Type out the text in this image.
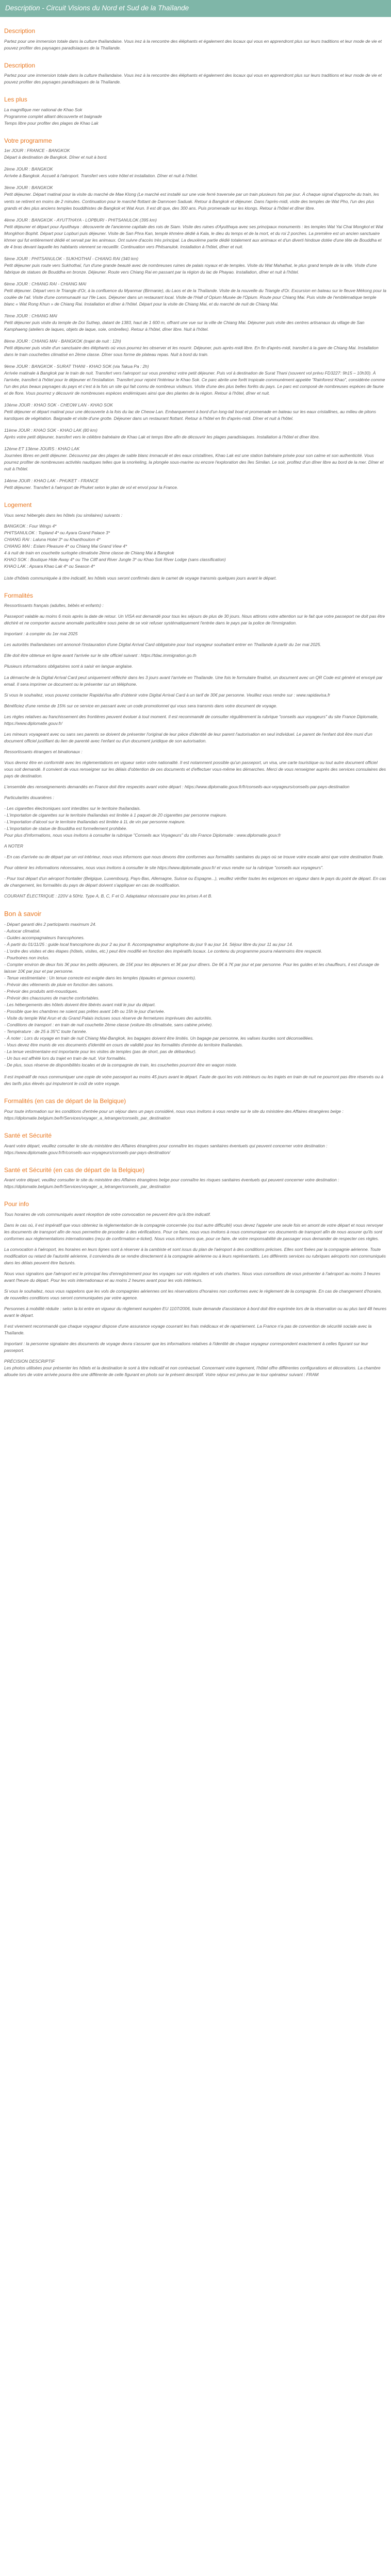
Description - Circuit Visions du Nord et Sud de la Thaïlande
Description

Partez pour une immersion totale dans la culture thaïlandaise. Vous irez à la rencontre des éléphants et également des locaux qui vous en apprendront plus sur leurs traditions et leur mode de vie et pouvez profiter des paysages paradisiaques de la Thaïlande.

Description

Partez pour une immersion totale dans la culture thaïlandaise. Vous irez à la rencontre des éléphants et également des locaux qui vous en apprendront plus sur leurs traditions et leur mode de vie et pouvez profiter des paysages paradisiaques de la Thaïlande.

Les plus
La magnifique mer national de Khao Sok
Programme complet alliant découverte et baignade
Temps libre pour profiter des plages de Khao Lak
Votre programme
1er JOUR : FRANCE - BANGKOK
Départ à destination de Bangkok. Dîner et nuit à bord.
2ème JOUR : BANGKOK
Arrivée à Bangkok. Accueil à l'aéroport. Transfert vers votre hôtel et installation. Dîner et nuit à l'hôtel.
3ème JOUR : BANGKOK
Petit déjeuner. Départ matinal pour la visite du marché de Mae Klong (Le marché est installé sur une voie ferré traversée par un train plusieurs fois par jour. À chaque signal d'approche du train, les vents se retirent en moins de 2 minutes. Continuation pour le marché flottant de Damnoen Saduak. Retour à Bangkok et déjeuner. Dans l'après-midi, visite des temples de Wat Pho, l'un des plus grands et des plus anciens temples bouddhistes de Bangkok et Wat Arun. Il est dit que, des 300 ans. Puis promenade sur les klongs. Retour à l'hôtel et dîner libre.
4ème JOUR : BANGKOK - AYUTTHAYA - LOPBURI - PHITSANULOK (395 km)
Petit déjeuner et départ pour Ayutthaya : découverte de l'ancienne capitale des rois de Siam. Visite des ruines d'Ayutthaya avec ses principaux monuments : les temples Wat Yai Chai Mongkol et Wat Mongkhon Bophit. Départ pour Lopburi puis déjeuner. Visite de San Phra Kan, temple khmère dédié à Kala, le dieu du temps et de la mort, et du roi 2 porches. La première est un ancien sanctuaire khmer qui fut entièrement dédié et servait par les animaux. Ont suivre d'accès très principal. La deuxième partie dédié totalement aux animaux et d'un diverti hindoue dotée d'une tête de Bouddha et de 4 bras devant laquelle les habitants viennent se recueillir. Continuation vers Phitsanulok. Installation à l'hôtel, dîner et nuit.
5ème JOUR : PHITSANULOK - SUKHOTHAÏ - CHIANG RAI (340 km)
Petit déjeuner puis route vers Sukhothaï, l'un d'une grande beauté avec de nombreuses ruines de palais royaux et de temples. Visite du Wat Mahathat, le plus grand temple de la ville. Visite d'une fabrique de statues de Bouddha en bronze. Déjeuner. Route vers Chiang Rai en passant par la région du lac de Phayao. Installation, dîner et nuit à l'hôtel.
6ème JOUR : CHIANG RAI - CHIANG MAI
Petit déjeuner. Départ vers le Triangle d'Or, à la confluence du Myanmar (Birmanie), du Laos et de la Thaïlande. Visite de la nouvelle du Triangle d'Or. Excursion en bateau sur le fleuve Mékong pour la coulée de l'ail. Visite d'une communauté sur l'Ile Laos. Déjeuner dans un restaurant local. Visite de l'Hall of Opium Musée de l'Opium. Route pour Chiang Mai. Puis visite de l'emblématique temple blanc « Wat Rong Khun » de Chiang Rai. Installation et dîner à l'hôtel. Départ pour la visite de Chiang Mai, et du marché de nuit de Chiang Mai.
7ème JOUR : CHIANG MAI
Petit déjeuner puis visite du temple de Doi Suthep, datant de 1383, haut de 1 600 m, offrant une vue sur la ville de Chiang Mai. Déjeuner puis visite des centres artisanaux du village de San Kamphaeng (ateliers de laques, objets de laque, soie, ombrelles). Retour à l'hôtel, dîner libre. Nuit à l'hôtel.
8ème JOUR : CHIANG MAI - BANGKOK (trajet de nuit : 12h)
Petit déjeuner puis visite d'un sanctuaire des éléphants où vous pourrez les observer et les nourrir. Déjeuner, puis après-midi libre. En fin d'après-midi, transfert à la gare de Chiang Mai. Installation dans le train couchettes climatisé en 2ème classe. Dîner sous forme de plateau repas. Nuit à bord du train.
9ème JOUR : BANGKOK - SURAT THANI - KHAO SOK (via Takua Pa : 2h)
Arrivée matinale à Bangkok par le train de nuit. Transfert vers l'aéroport sur vous prendrez votre petit déjeuner. Puis vol à destination de Surat Thani (souvent vol prévu FD3227: 9h15 – 10h30). À l'arrivée, transfert à l'hôtel pour le déjeuner et l'installation. Transfert pour rejoint l'intérieur le Khao Sok. Ce parc abrite une forêt tropicale communément appelée "Rainforest Khao", considérée comme l'un des plus beaux paysages du pays et c'est à la fois un site qui fait connu de nombreux visiteurs. Visite d'une des plus belles forêts du pays. Le parc est composé de nombreuses espèces de faune et de flore. Vous pourrez y découvrir de nombreuses espèces endémiques ainsi que des plantes de la région. Retour à l'hôtel, dîner et nuit.
10ème JOUR : KHAO SOK - CHEOW LAN - KHAO SOK
Petit déjeuner et départ matinal pour une découverte à la fois du lac de Cheow Lan. Embarquement à bord d'un long-tail boat et promenade en bateau sur les eaux cristallines, au milieu de pitons karstiques de végétation. Baignade et visite d'une grotte. Déjeuner dans un restaurant flottant. Retour à l'hôtel en fin d'après-midi. Dîner et nuit à l'hôtel.
11ème JOUR : KHAO SOK - KHAO LAK (80 km)
Après votre petit déjeuner, transfert vers le célèbre balnéaire de Khao Lak et temps libre afin de découvrir les plages paradisiaques. Installation à l'hôtel et dîner libre.
12ème ET 13ème JOURS : KHAO LAK
Journées libres en petit déjeuner. Découvrez par des plages de sable blanc immaculé et des eaux cristallines, Khao Lak est une station balnéaire prisée pour son calme et son authenticité. Vous pourrez profiter de nombreuses activités nautiques telles que la snorkeling, la plongée sous-marine ou encore l'exploration des îles Similan. Le soir, profitez d'un dîner libre au bord de la mer. Dîner et nuit à l'hôtel.
14ème JOUR : KHAO LAK - PHUKET - FRANCE
Petit déjeuner. Transfert à l'aéroport de Phuket selon le plan de vol et envol pour la France.
Logement

Vous serez hébergés dans les hôtels (ou similaires) suivants :

BANGKOK : Four Wings 4*
PHITSANULOK : Topland 4* ou Ayara Grand Palace 3*
CHIANG RAI : Laluna Hotel 3* ou Khanthoulom 4*
CHIANG MAI : Eslam Pleasure 4* ou Chiang Mai Grand View 4*
4 à nuit de train en couchette surlogée climatisée 2ème classe de Chiang Mai à Bangkok
KHAO SOK : Boutique Hide Away 4* ou The Cliff and River Jungle 3* ou Khao Sok River Lodge (sans classification)
KHAO LAK : Apsara Khao Lak 4* ou Season 4*

Liste d'hôtels communiquée à titre indicatif, les hôtels vous seront confirmés dans le carnet de voyage transmis quelques jours avant le départ.

Formalités

Ressortissants français (adultes, bébés et enfants) :

Passeport valable au moins 6 mois après la date de retour. Un VISA est demandé pour tous les séjours de plus de 30 jours. Nous attirons votre attention sur le fait que votre passeport ne doit pas être déchiré et ne comporter aucune anomalie particulière sous peine de se voir refuser systématiquement l'entrée dans le pays par la police de l'immigration.

Important : à compter du 1er mai 2025

Les autorités thaïlandaises ont annoncé l'instauration d'une Digital Arrival Card obligatoire pour tout voyageur souhaitant entrer en Thaïlande à partir du 1er mai 2025.

Elle doit être obtenue en ligne avant l'arrivée sur le site officiel suivant : https://tdac.immigration.go.th

Plusieurs informations obligatoires sont à saisir en langue anglaise.

La démarche de la Digital Arrival Card peut uniquement réfléchir dans les 3 jours avant l'arrivée en Thaïlande. Une fois le formulaire finalisé, un document avec un QR Code est généré et envoyé par email. Il sera imprimer ce document ou le présenter sur un téléphone.

Si vous le souhaitez, vous pouvez contacter RapidaVisa afin d'obtenir votre Digital Arrival Card à un tarif de 30€ par personne. Veuillez vous rendre sur : www.rapidavisa.fr

Bénéficiez d'une remise de 15% sur ce service en passant avec un code promotionnel qui vous sera transmis dans votre document de voyage.

Les règles relatives au franchissement des frontières peuvent évoluer à tout moment. Il est recommandé de consulter régulièrement la rubrique "conseils aux voyageurs" du site France Diplomatie, https://www.diplomatie.gouv.fr/

Les mineurs voyageant avec ou sans ses parents se doivent de présenter l'original de leur pièce d'identité de leur parent l'autorisation en seul individuel. Le parent de l'enfant doit être muni d'un document officiel justifiant du lien de parenté avec l'enfant ou d'un document juridique de son autorisation.

Ressortissants étrangers et binationaux :

Vous devrez être en conformité avec les réglementations en vigueur selon votre nationalité. Il est notamment possible qu'un passeport, un visa, une carte touristique ou tout autre document officiel vous soit demandé. Il convient de vous renseigner sur les délais d'obtention de ces documents et d'effectuer vous-même les démarches. Merci de vous renseigner auprès des services consulaires des pays de destination.

L'ensemble des renseignements demandés en France doit être respectés avant votre départ : https://www.diplomatie.gouv.fr/fr/conseils-aux-voyageurs/conseils-par-pays-destination

Particularités douanières :

- Les cigarettes électroniques sont interdites sur le territoire thaïlandais.
- L'importation de cigarettes sur le territoire thaïlandais est limitée à 1 paquet de 20 cigarettes par personne majeure.
- L'importation d'alcool sur le territoire thaïlandais est limitée à 1L de vin par personne majeure.
- L'importation de statue de Bouddha est formellement prohibée.

Pour plus d'informations, nous vous invitons à consulter la rubrique "Conseils aux Voyageurs" du site France Diplomatie : www.diplomatie.gouv.fr

A NOTER

- En cas d'arrivée ou de départ par un vol intérieur, nous vous informons que nous devons être conformes aux formalités sanitaires du pays où se trouve votre escale ainsi que votre destination finale.

Pour obtenir les informations nécessaires, nous vous invitons à consulter le site https://www.diplomatie.gouv.fr/ et vous rendre sur la rubrique "conseils aux voyageurs".

- Pour tout départ d'un aéroport frontalier (Belgique, Luxembourg, Pays-Bas, Allemagne, Suisse ou Espagne...), veuillez vérifier toutes les exigences en vigueur dans le pays du point de départ. En cas de changement, les formalités du pays de départ doivent s'appliquer en cas de modification.

COURANT ÉLECTRIQUE : 220V à 50Hz. Type A, B, C, F et O. Adaptateur nécessaire pour les prises A et B.

Bon à savoir
- Départ garanti dès 2 participants maximum 24.
- Autocar climatisé.
- Guides accompagnateurs francophones.
- À partir du 01/11/25 : guide local francophone du jour 2 au jour 8. Accompagnateur anglophone du jour 9 au jour 14. Séjour libre du jour 11 au jour 14.
- L'ordre des visites et des étapes (hôtels, visites, etc.) peut être modifié en fonction des impératifs locaux. Le contenu du programme pourra néanmoins être respecté.
- Pourboires non inclus.
- Compter environ de deux fois 3€ pour les petits déjeuners, de 15€ pour les déjeuners et 3€ par jour dîners. De 6€ à 7€ par jour et par personne. Pour les guides et les chauffeurs, il est d'usage de laisser 10€ par jour et par personne.
- Tenue vestimentaire : Un tenue correcte est exigée dans les temples (épaules et genoux couverts).
- Prévoir des vêtements de pluie en fonction des saisons.
- Prévoir des produits anti-moustiques.
- Prévoir des chaussures de marche confortables.
- Les hébergements des hôtels doivent être libérés avant midi le jour du départ.
- Possible que les chambres ne soient pas prêtes avant 14h ou 15h le jour d'arrivée.
- Visite du temple Wat Arun et du Grand Palais incluses sous réserve de fermetures imprévues des autorités.
- Conditions de transport : en train de nuit couchette 2ème classe (voiture-lits climatisée, sans cabine privée).
- Température : de 25 à 35°C toute l'année.
- À noter : Lors du voyage en train de nuit Chiang Mai-Bangkok, les bagages doivent être limités. Un bagage par personne, les valises lourdes sont déconseillées.
- Vous devez être munis de vos documents d'identité en cours de validité pour les formalités d'entrée du territoire thaïlandais.
- La tenue vestimentaire est importante pour les visites de temples (pas de short, pas de débardeur).
- Un bus est affrété lors du trajet en train de nuit. Voir formalités.
- De plus, sous réserve de disponibilités locales et de la compagnie de train, les couchettes pourront être en wagon mixte.

Il est impératif de nous communiquer une copie de votre passeport au moins 45 jours avant le départ. Faute de quoi les vols intérieurs ou les trajets en train de nuit ne pourront pas être réservés ou à des tarifs plus élevés qui imputeront le coût de votre voyage.

Formalités (en cas de départ de la Belgique)

Pour toute information sur les conditions d'entrée pour un séjour dans un pays considéré, nous vous invitons à vous rendre sur le site du ministère des Affaires étrangères belge : https://diplomatie.belgium.be/fr/Services/voyager_a_letranger/conseils_par_destination

Santé et Sécurité

Avant votre départ, veuillez consulter le site du ministère des Affaires étrangères pour connaître les risques sanitaires éventuels qui peuvent concerner votre destination : https://www.diplomatie.gouv.fr/fr/conseils-aux-voyageurs/conseils-par-pays-destination/

Santé et Sécurité (en cas de départ de la Belgique)

Avant votre départ, veuillez consulter le site du ministère des Affaires étrangères belge pour connaître les risques sanitaires éventuels qui peuvent concerner votre destination : https://diplomatie.belgium.be/fr/Services/voyager_a_letranger/conseils_par_destination

Pour info

Tous horaires de vols communiqués avant réception de votre convocation ne peuvent être qu'à titre indicatif.

Dans le cas où, il est impératif que vous obteniez la réglementation de la compagnie concernée (ou tout autre difficulté) vous devez l'appeler une seule fois en amont de votre départ et nous renvoyer les documents de transport afin de nous permettre de procéder à des vérifications. Pour ce faire, nous vous invitons à nous communiquer vos documents de transport afin de nous assurer qu'ils sont conformes aux réglementations internationales (reçu de confirmation e-ticket). Nous vous informons que, pour ce faire, de votre responsabilité de passager vous demander de respecter ces règles.

La convocation à l'aéroport, les horaires en leurs lignes sont à réserver à la cambiste et sont issus du plan de l'aéroport à des conditions précises. Elles sont fixées par la compagnie aérienne. Toute modification ou retard de l'autorité aérienne, il conviendra de se rendre directement à la compagnie aérienne ou à leurs représentants. Les différents services ou rubriques aéroports non communiqués dans les délais peuvent être facturés.

Nous vous signalons que l'aéroport est le principal lieu d'enregistrement pour les voyages sur vols réguliers et vols charters. Nous vous conseillons de vous présenter à l'aéroport au moins 3 heures avant l'heure du départ. Pour les vols internationaux et au moins 2 heures avant pour les vols intérieurs.

Si vous le souhaitez, nous vous rappelons que les vols de compagnies aériennes ont les réservations d'horaires non conformes avec le règlement de la compagnie. En cas de changement d'horaire, de nouvelles conditions vous seront communiquées par votre agence.

Personnes à mobilité réduite : selon la loi entre en vigueur du règlement européen EU 1107/2006, toute demande d'assistance à bord doit être exprimée lors de la réservation ou au plus tard 48 heures avant le départ.

Il est vivement recommandé que chaque voyageur dispose d'une assurance voyage couvrant les frais médicaux et de rapatriement. La France n'a pas de convention de sécurité sociale avec la Thaïlande.

Important : la personne signataire des documents de voyage devra s'assurer que les informations relatives à l'identité de chaque voyageur correspondent exactement à celles figurant sur leur passeport.

PRÉCISION DESCRIPTIF

Les photos utilisées pour présenter les hôtels et la destination le sont à titre indicatif et non contractuel. Concernant votre logement, l'hôtel offre différentes configurations et décorations. La chambre allouée lors de votre arrivée pourra être une différente de celle figurant en photo sur le présent descriptif. Votre séjour est prévu par le tour opérateur suivant : FRAM
